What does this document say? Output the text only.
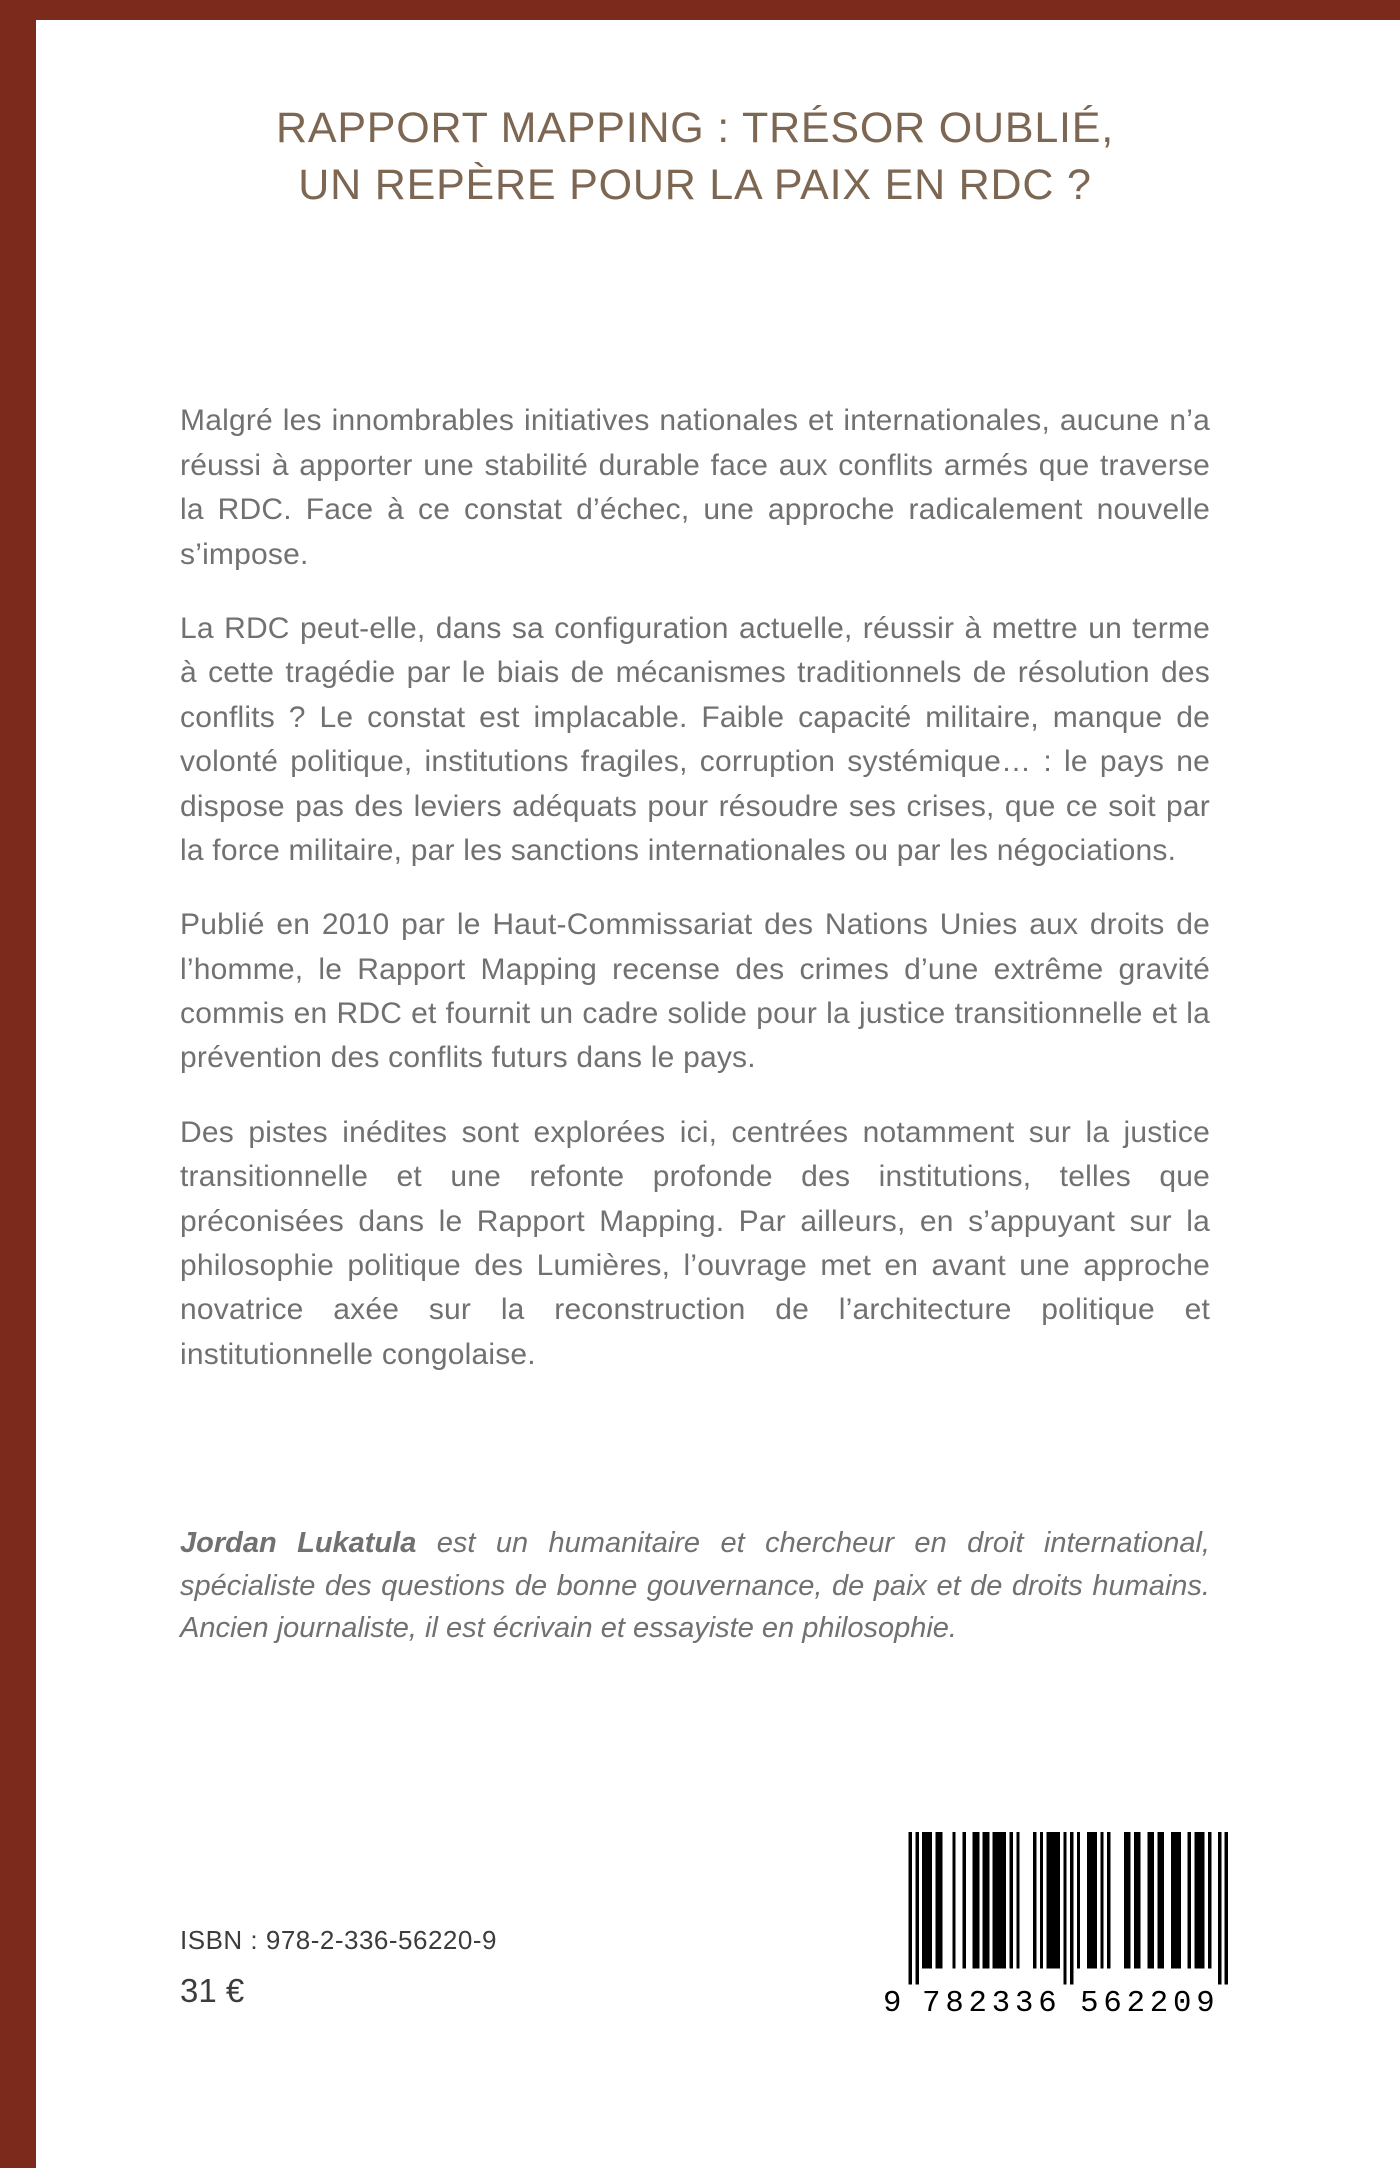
RAPPORT MAPPING : TRÉSOR OUBLIÉ,
UN REPÈRE POUR LA PAIX EN RDC ?

Malgré les innombrables initiatives nationales et internationales, aucune n’a réussi à apporter une stabilité durable face aux conflits armés que traverse la RDC. Face à ce constat d’échec, une approche radicalement nouvelle s’impose.

La RDC peut-elle, dans sa configuration actuelle, réussir à mettre un terme à cette tragédie par le biais de mécanismes traditionnels de résolution des conflits ? Le constat est implacable. Faible capacité militaire, manque de volonté politique, institutions fragiles, corruption systémique… : le pays ne dispose pas des leviers adéquats pour résoudre ses crises, que ce soit par la force militaire, par les sanctions internationales ou par les négociations.

Publié en 2010 par le Haut-Commissariat des Nations Unies aux droits de l’homme, le Rapport Mapping recense des crimes d’une extrême gravité commis en RDC et fournit un cadre solide pour la justice transitionnelle et la prévention des conflits futurs dans le pays.

Des pistes inédites sont explorées ici, centrées notamment sur la justice transitionnelle et une refonte profonde des institutions, telles que préconisées dans le Rapport Mapping. Par ailleurs, en s’appuyant sur la philosophie politique des Lumières, l’ouvrage met en avant une approche novatrice axée sur la reconstruction de l’architecture politique et institutionnelle congolaise.

Jordan Lukatula est un humanitaire et chercheur en droit international, spécialiste des questions de bonne gouvernance, de paix et de droits humains. Ancien journaliste, il est écrivain et essayiste en philosophie.

ISBN : 978-2-336-56220-9
31 €	9 782336 562209
